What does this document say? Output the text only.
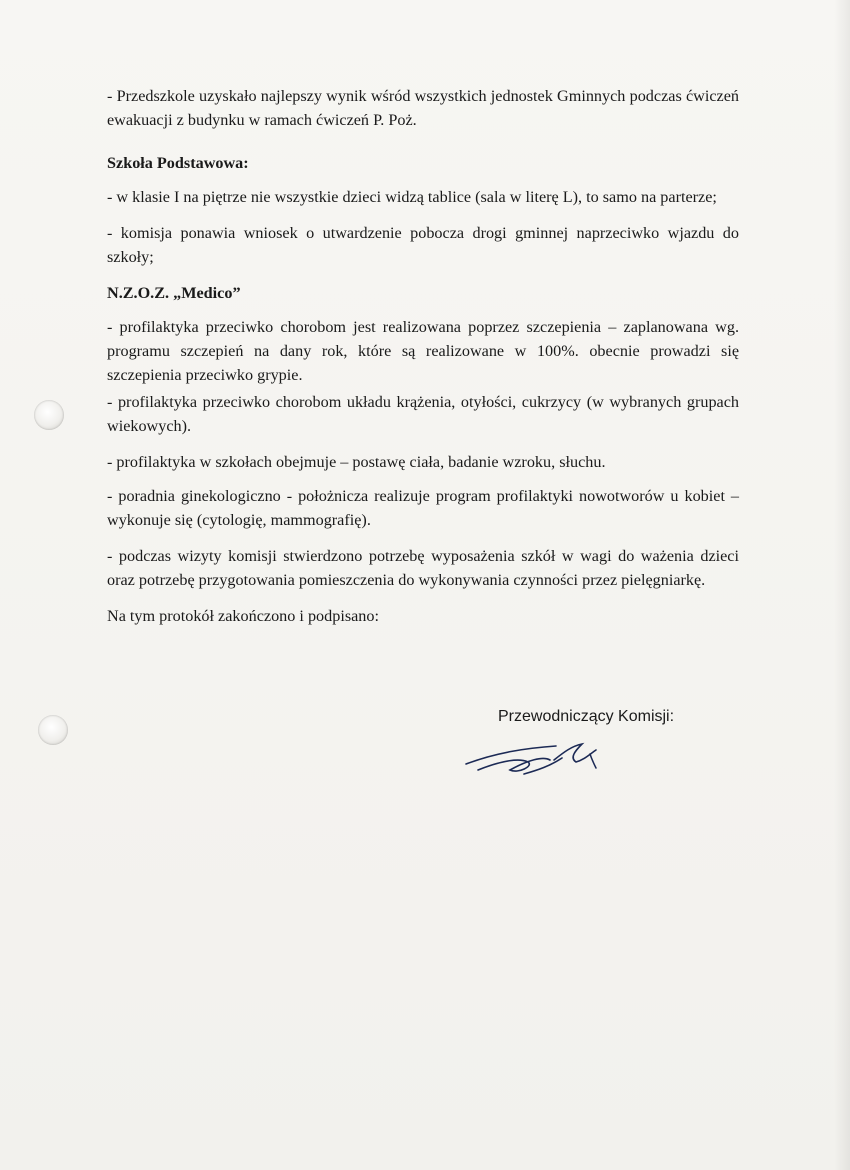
- Przedszkole uzyskało najlepszy wynik wśród wszystkich jednostek Gminnych podczas ćwiczeń ewakuacji z budynku w ramach ćwiczeń P. Poż.

Szkoła Podstawowa:

- w klasie I na piętrze nie wszystkie dzieci widzą tablice (sala w literę L), to samo na parterze;

- komisja ponawia wniosek o utwardzenie pobocza drogi gminnej naprzeciwko wjazdu do szkoły;

N.Z.O.Z. „Medico”

- profilaktyka przeciwko chorobom jest realizowana poprzez szczepienia – zaplanowana wg. programu szczepień na dany rok, które są realizowane w 100%. obecnie prowadzi się szczepienia przeciwko grypie.

- profilaktyka przeciwko chorobom układu krążenia, otyłości, cukrzycy (w wybranych grupach wiekowych).

- profilaktyka w szkołach obejmuje – postawę ciała, badanie wzroku, słuchu.

- poradnia ginekologiczno - położnicza realizuje program profilaktyki nowotworów u kobiet – wykonuje się (cytologię, mammografię).

- podczas wizyty komisji stwierdzono potrzebę wyposażenia szkół w wagi do ważenia dzieci oraz potrzebę przygotowania pomieszczenia do wykonywania czynności przez pielęgniarkę.

Na tym protokół zakończono i podpisano:

Przewodniczący Komisji:
